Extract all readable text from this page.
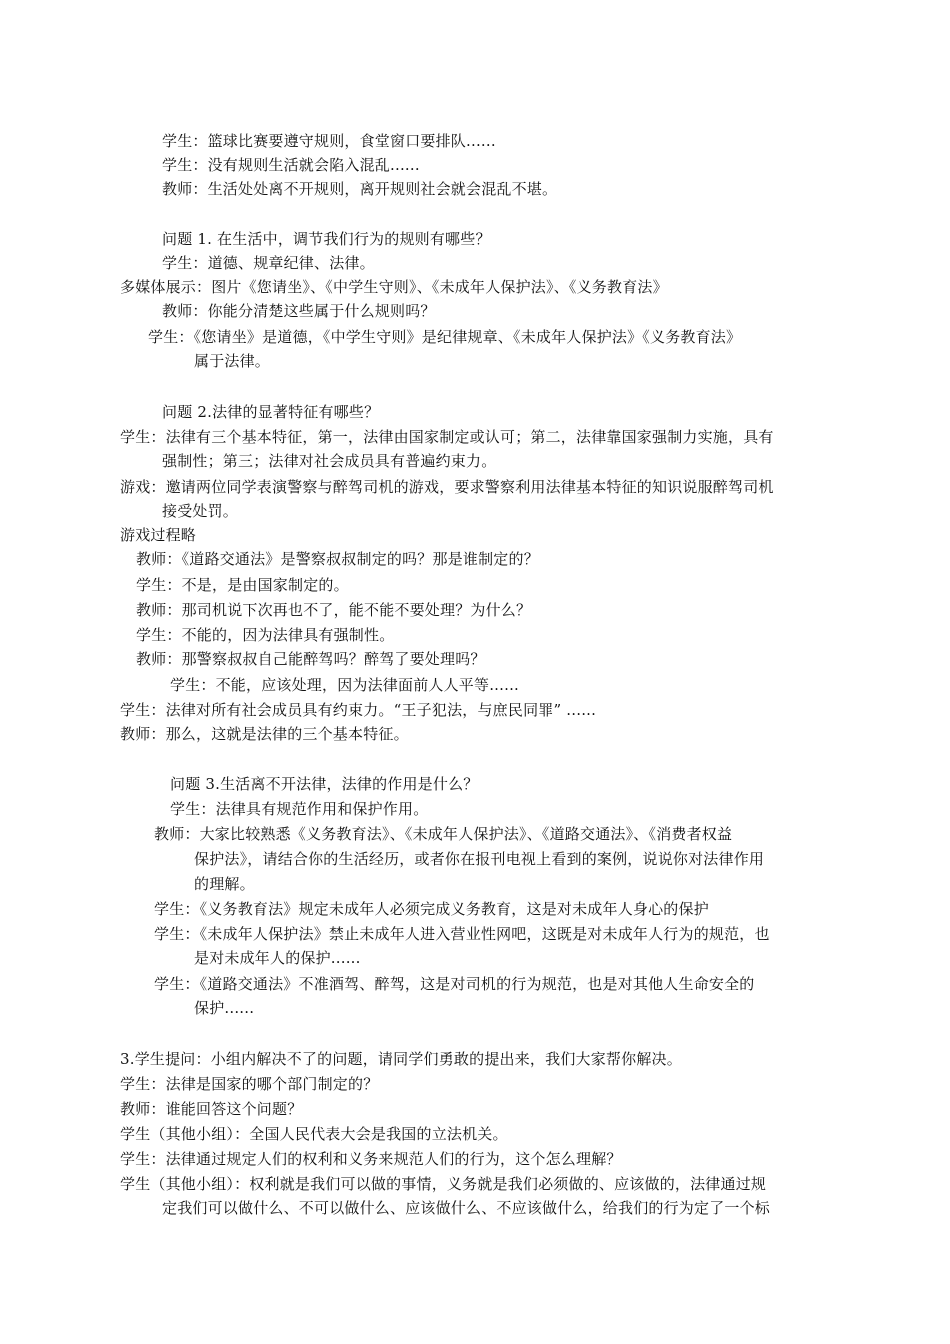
学生：篮球比赛要遵守规则，食堂窗口要排队......
学生：没有规则生活就会陷入混乱......
教师：生活处处离不开规则，离开规则社会就会混乱不堪。
问题 1. 在生活中，调节我们行为的规则有哪些？
学生：道德、规章纪律、法律。
多媒体展示：图片《您请坐》、《中学生守则》、《未成年人保护法》、《义务教育法》
教师：你能分清楚这些属于什么规则吗？
学生：《您请坐》是道德，《中学生守则》是纪律规章、《未成年人保护法》《义务教育法》
属于法律。
问题 2.法律的显著特征有哪些？
学生：法律有三个基本特征，第一，法律由国家制定或认可；第二，法律靠国家强制力实施，具有
强制性；第三；法律对社会成员具有普遍约束力。
游戏：邀请两位同学表演警察与醉驾司机的游戏，要求警察利用法律基本特征的知识说服醉驾司机
接受处罚。
游戏过程略
教师：《道路交通法》是警察叔叔制定的吗？那是谁制定的？
学生：不是，是由国家制定的。
教师：那司机说下次再也不了，能不能不要处理？为什么？
学生：不能的，因为法律具有强制性。
教师：那警察叔叔自己能醉驾吗？醉驾了要处理吗？
学生：不能，应该处理，因为法律面前人人平等......
学生：法律对所有社会成员具有约束力。“王子犯法，与庶民同罪” ......
教师：那么，这就是法律的三个基本特征。
问题 3.生活离不开法律，法律的作用是什么？
学生：法律具有规范作用和保护作用。
教师：大家比较熟悉《义务教育法》、《未成年人保护法》、《道路交通法》、《消费者权益
保护法》，请结合你的生活经历，或者你在报刊电视上看到的案例，说说你对法律作用
的理解。
学生：《义务教育法》规定未成年人必须完成义务教育，这是对未成年人身心的保护
学生：《未成年人保护法》禁止未成年人进入营业性网吧，这既是对未成年人行为的规范，也
是对未成年人的保护......
学生：《道路交通法》不准酒驾、醉驾，这是对司机的行为规范，也是对其他人生命安全的
保护......
3.学生提问：小组内解决不了的问题，请同学们勇敢的提出来，我们大家帮你解决。
学生：法律是国家的哪个部门制定的？
教师：谁能回答这个问题？
学生（其他小组）：全国人民代表大会是我国的立法机关。
学生：法律通过规定人们的权利和义务来规范人们的行为，这个怎么理解？
学生（其他小组）：权利就是我们可以做的事情，义务就是我们必须做的、应该做的，法律通过规
定我们可以做什么、不可以做什么、应该做什么、不应该做什么，给我们的行为定了一个标
